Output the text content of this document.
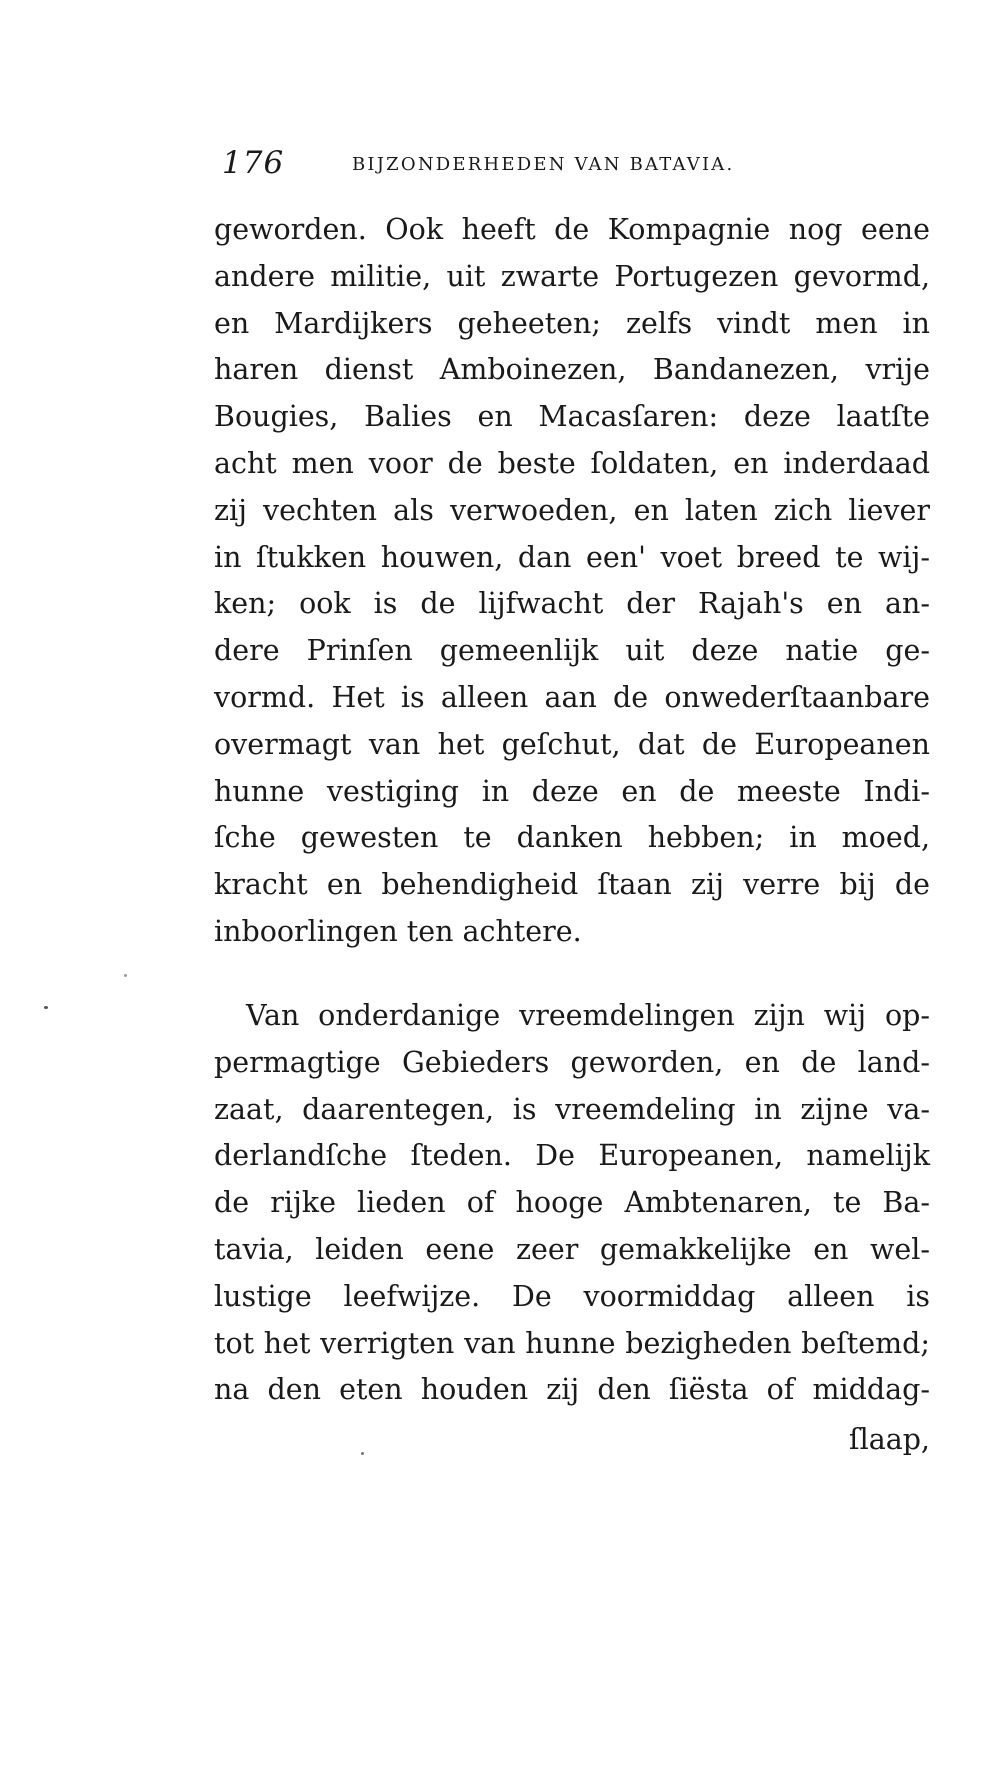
176	BIJZONDERHEDEN VAN BATAVIA.
geworden. Ook heeft de Kompagnie nog eene
andere militie, uit zwarte Portugezen gevormd,
en Mardijkers geheeten; zelfs vindt men in
haren dienst Amboinezen, Bandanezen, vrije
Bougies, Balies en Macasſaren: deze laatſte
acht men voor de beste ſoldaten, en inderdaad
zij vechten als verwoeden, en laten zich liever
in ſtukken houwen, dan een' voet breed te wij-
ken; ook is de lijfwacht der Rajah's en an-
dere Prinſen gemeenlijk uit deze natie ge-
vormd. Het is alleen aan de onwederſtaanbare
overmagt van het geſchut, dat de Europeanen
hunne vestiging in deze en de meeste Indi-
ſche gewesten te danken hebben; in moed,
kracht en behendigheid ſtaan zij verre bij de
inboorlingen ten achtere.
Van onderdanige vreemdelingen zijn wij op-
permagtige Gebieders geworden, en de land-
zaat, daarentegen, is vreemdeling in zijne va-
derlandſche ſteden. De Europeanen, namelijk
de rijke lieden of hooge Ambtenaren, te Ba-
tavia, leiden eene zeer gemakkelijke en wel-
lustige leefwijze. De voormiddag alleen is
tot het verrigten van hunne bezigheden beſtemd;
na den eten houden zij den ſiësta of middag-
ſlaap,
